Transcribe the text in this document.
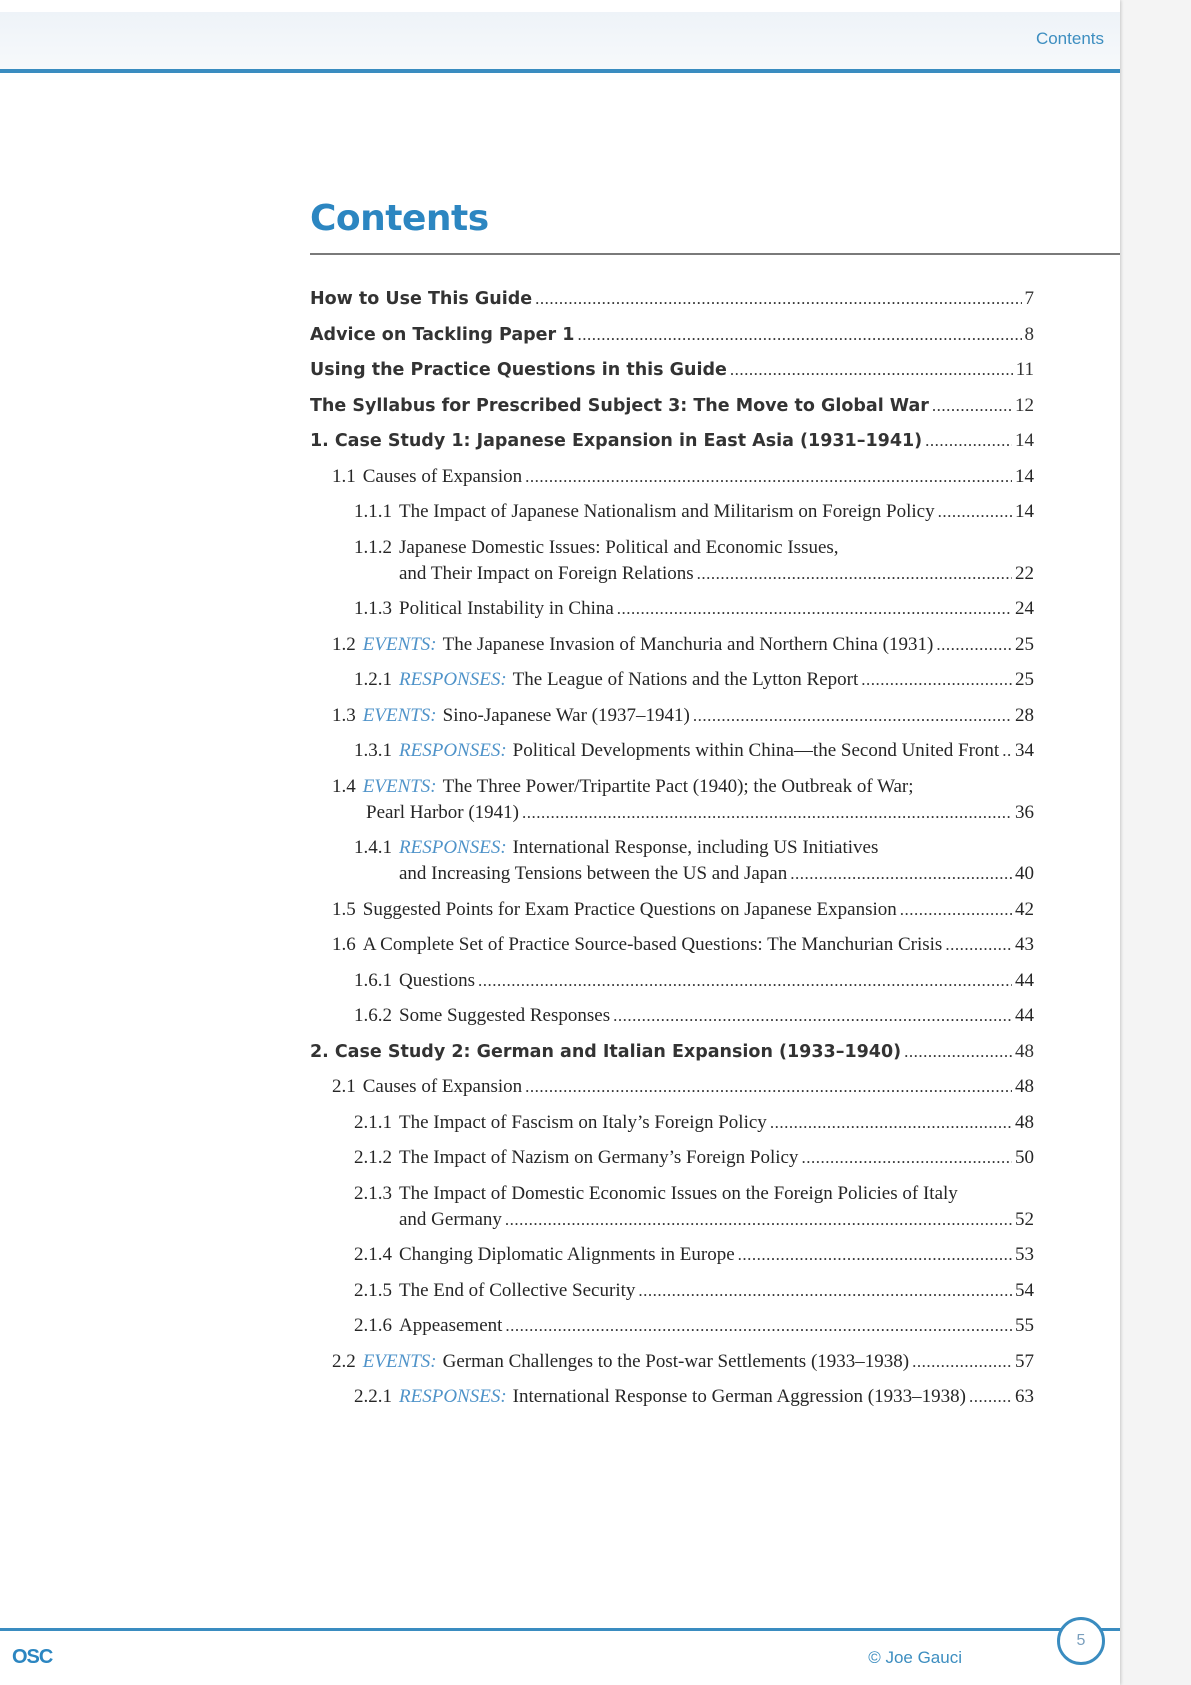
Contents
Contents
How to Use This Guide .....	7
Advice on Tackling Paper 1 .....	8
Using the Practice Questions in this Guide .....	11
The Syllabus for Prescribed Subject 3: The Move to Global War .....	12
1. Case Study 1: Japanese Expansion in East Asia (1931–1941) .....	14
1.1 Causes of Expansion .....	14
1.1.1 The Impact of Japanese Nationalism and Militarism on Foreign Policy .....	14
1.1.2 Japanese Domestic Issues: Political and Economic Issues,
and Their Impact on Foreign Relations .....	22
1.1.3 Political Instability in China .....	24
1.2 EVENTS: The Japanese Invasion of Manchuria and Northern China (1931) .....	25
1.2.1 RESPONSES: The League of Nations and the Lytton Report .....	25
1.3 EVENTS: Sino-Japanese War (1937–1941) .....	28
1.3.1 RESPONSES: Political Developments within China—the Second United Front ..... 34
1.4 EVENTS: The Three Power/Tripartite Pact (1940); the Outbreak of War;
Pearl Harbor (1941) .....	36
1.4.1 RESPONSES: International Response, including US Initiatives
and Increasing Tensions between the US and Japan .....	40
1.5 Suggested Points for Exam Practice Questions on Japanese Expansion .....	42
1.6 A Complete Set of Practice Source-based Questions: The Manchurian Crisis .....	43
1.6.1 Questions .....	44
1.6.2 Some Suggested Responses .....	44
2. Case Study 2: German and Italian Expansion (1933–1940) .....	48
2.1 Causes of Expansion .....	48
2.1.1 The Impact of Fascism on Italy’s Foreign Policy .....	48
2.1.2 The Impact of Nazism on Germany’s Foreign Policy .....	50
2.1.3 The Impact of Domestic Economic Issues on the Foreign Policies of Italy
and Germany .....	52
2.1.4 Changing Diplomatic Alignments in Europe .....	53
2.1.5 The End of Collective Security .....	54
2.1.6 Appeasement .....	55
2.2 EVENTS: German Challenges to the Post-war Settlements (1933–1938) .....	57
2.2.1 RESPONSES: International Response to German Aggression (1933–1938) .....	63
OSC	© Joe Gauci
5
